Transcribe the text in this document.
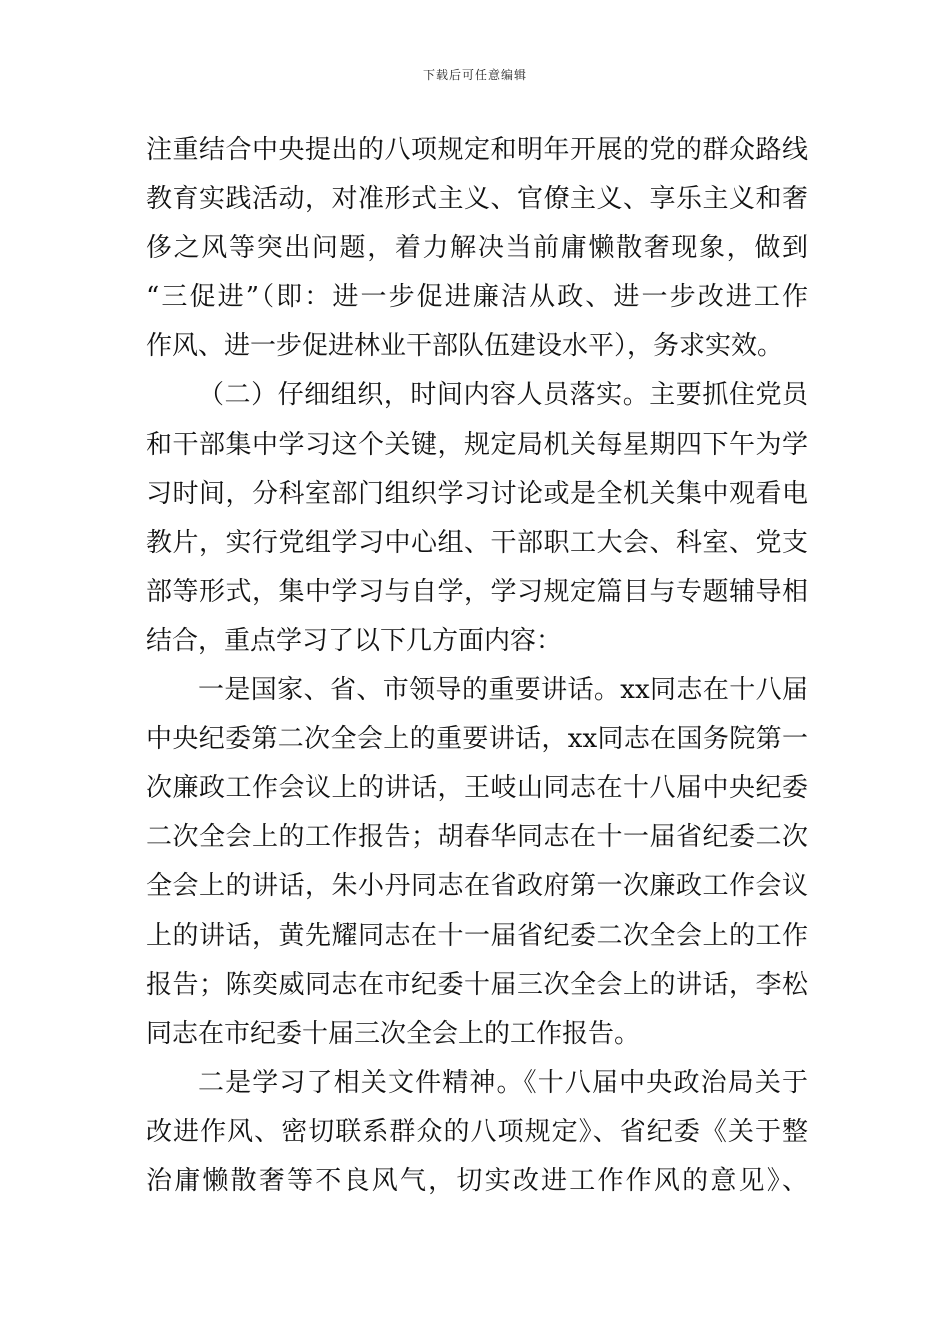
下载后可任意编辑
注重结合中央提出的八项规定和明年开展的党的群众路线
教育实践活动，对准形式主义、官僚主义、享乐主义和奢
侈之风等突出问题，着力解决当前庸懒散奢现象，做到
“三促进”（即：进一步促进廉洁从政、进一步改进工作
作风、进一步促进林业干部队伍建设水平），务求实效。
（二）仔细组织，时间内容人员落实。主要抓住党员
和干部集中学习这个关键，规定局机关每星期四下午为学
习时间，分科室部门组织学习讨论或是全机关集中观看电
教片，实行党组学习中心组、干部职工大会、科室、党支
部等形式，集中学习与自学，学习规定篇目与专题辅导相
结合，重点学习了以下几方面内容：
一是国家、省、市领导的重要讲话。xx同志在十八届
中央纪委第二次全会上的重要讲话，xx同志在国务院第一
次廉政工作会议上的讲话，王岐山同志在十八届中央纪委
二次全会上的工作报告；胡春华同志在十一届省纪委二次
全会上的讲话，朱小丹同志在省政府第一次廉政工作会议
上的讲话，黄先耀同志在十一届省纪委二次全会上的工作
报告；陈奕威同志在市纪委十届三次全会上的讲话，李松
同志在市纪委十届三次全会上的工作报告。
二是学习了相关文件精神。《十八届中央政治局关于
改进作风、密切联系群众的八项规定》、省纪委《关于整
治庸懒散奢等不良风气，切实改进工作作风的意见》、
